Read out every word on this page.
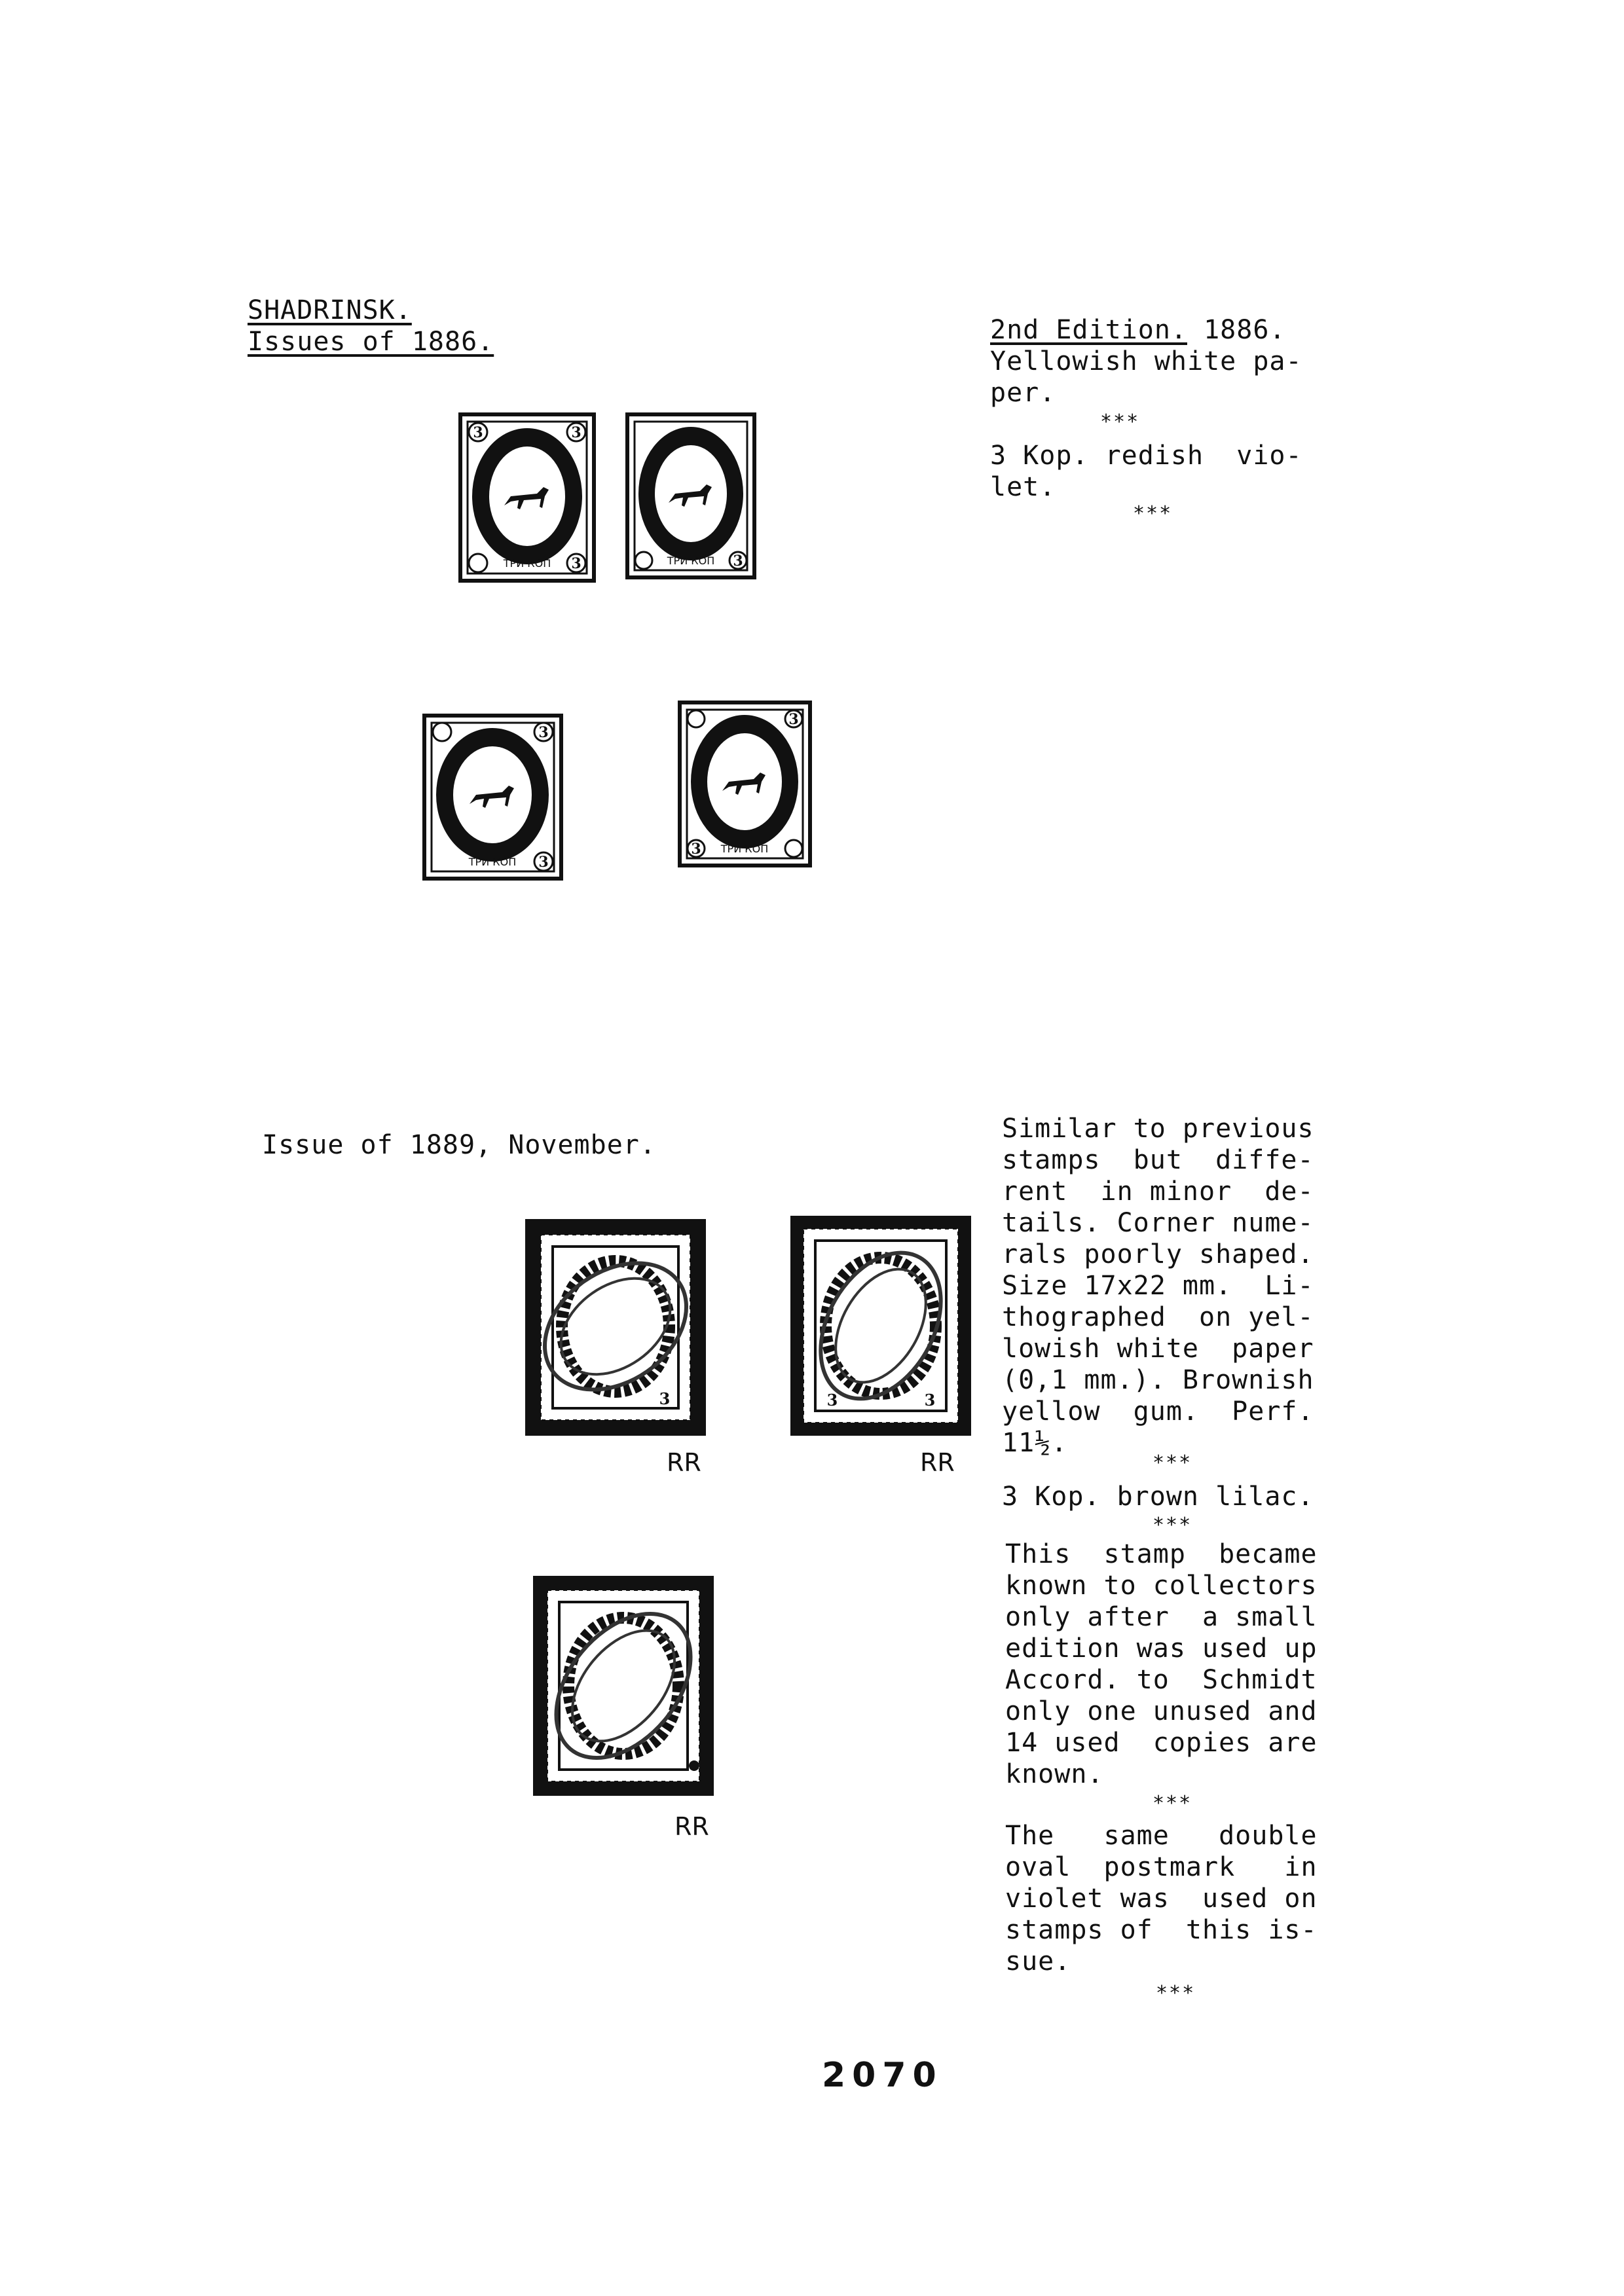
SHADRINSK.
Issues of 1886.	2nd Edition. 1886.
Yellowish white pa-
per.
***
3 Kop. redish  vio-
let.
***
3	3
3
ТРИ КОП	3
ТРИ КОП
3
3
ТРИ КОП
3
3 ТРИ КОП
Issue of 1889, November.
3	3	3
RR	RR
RR
Similar to previous
stamps  but  diffe-
rent  in minor  de-
tails. Corner nume-
rals poorly shaped.
Size 17x22 mm.  Li-
thographed  on yel-
lowish white  paper
(0,1 mm.). Brownish
yellow  gum.  Perf.
11½.
***
3 Kop. brown lilac.
***
This  stamp  became
known to collectors
only after  a small
edition was used up
Accord. to  Schmidt
only one unused and
14 used  copies are
known.
***
The   same   double
oval  postmark   in
violet was  used on
stamps of  this is-
sue.
***
2070
